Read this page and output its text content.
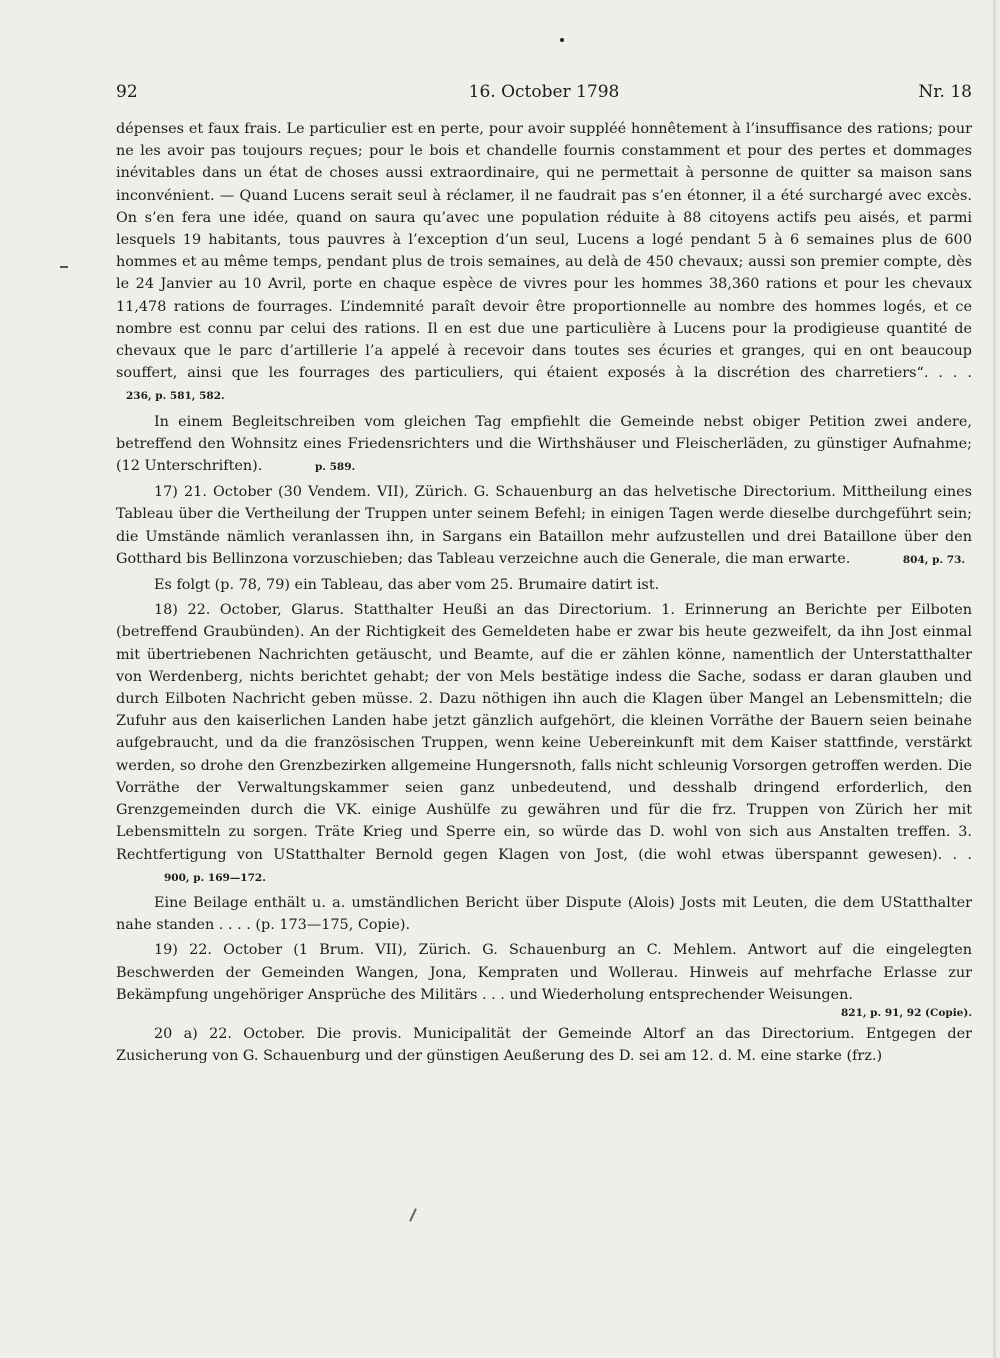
92	16. October 1798	Nr. 18

dépenses et faux frais. Le particulier est en perte, pour avoir suppléé honnêtement à l’insuffisance des rations; pour ne les avoir pas toujours reçues; pour le bois et chandelle fournis constamment et pour des pertes et dommages inévitables dans un état de choses aussi extraordinaire, qui ne permettait à personne de quitter sa maison sans inconvénient. — Quand Lucens serait seul à réclamer, il ne faudrait pas s’en étonner, il a été surchargé avec excès. On s’en fera une idée, quand on saura qu’avec une population réduite à 88 citoyens actifs peu aisés, et parmi lesquels 19 habitants, tous pauvres à l’exception d’un seul, Lucens a logé pendant 5 à 6 semaines plus de 600 hommes et au même temps, pendant plus de trois semaines, au delà de 450 chevaux; aussi son premier compte, dès le 24 Janvier au 10 Avril, porte en chaque espèce de vivres pour les hommes 38,360 rations et pour les chevaux 11,478 rations de fourrages. L’indemnité paraît devoir être proportionnelle au nombre des hommes logés, et ce nombre est connu par celui des rations. Il en est due une particulière à Lucens pour la prodigieuse quantité de chevaux que le parc d’artillerie l’a appelé à recevoir dans toutes ses écuries et granges, qui en ont beaucoup souffert, ainsi que les fourrages des particuliers, qui étaient exposés à la discrétion des charretiers“. . . . 236, p. 581, 582.

In einem Begleitschreiben vom gleichen Tag empfiehlt die Gemeinde nebst obiger Petition zwei andere, betreffend den Wohnsitz eines Friedensrichters und die Wirthshäuser und Fleischerläden, zu günstiger Aufnahme; (12 Unterschriften).	p. 589.

17) 21. October (30 Vendem. VII), Zürich. G. Schauenburg an das helvetische Directorium. Mittheilung eines Tableau über die Vertheilung der Truppen unter seinem Befehl; in einigen Tagen werde dieselbe durchgeführt sein; die Umstände nämlich veranlassen ihn, in Sargans ein Bataillon mehr aufzustellen und drei Bataillone über den Gotthard bis Bellinzona vorzuschieben; das Tableau verzeichne auch die Generale, die man erwarte.	804, p. 73.

Es folgt (p. 78, 79) ein Tableau, das aber vom 25. Brumaire datirt ist.

18) 22. October, Glarus. Statthalter Heußi an das Directorium. 1. Erinnerung an Berichte per Eilboten (betreffend Graubünden). An der Richtigkeit des Gemeldeten habe er zwar bis heute gezweifelt, da ihn Jost einmal mit übertriebenen Nachrichten getäuscht, und Beamte, auf die er zählen könne, namentlich der Unterstatthalter von Werdenberg, nichts berichtet gehabt; der von Mels bestätige indess die Sache, sodass er daran glauben und durch Eilboten Nachricht geben müsse. 2. Dazu nöthigen ihn auch die Klagen über Mangel an Lebensmitteln; die Zufuhr aus den kaiserlichen Landen habe jetzt gänzlich aufgehört, die kleinen Vorräthe der Bauern seien beinahe aufgebraucht, und da die französischen Truppen, wenn keine Uebereinkunft mit dem Kaiser stattfinde, verstärkt werden, so drohe den Grenzbezirken allgemeine Hungersnoth, falls nicht schleunig Vorsorgen getroffen werden. Die Vorräthe der Verwaltungskammer seien ganz unbedeutend, und desshalb dringend erforderlich, den Grenzgemeinden durch die VK. einige Aushülfe zu gewähren und für die frz. Truppen von Zürich her mit Lebensmitteln zu sorgen. Träte Krieg und Sperre ein, so würde das D. wohl von sich aus Anstalten treffen. 3. Rechtfertigung von UStatthalter Bernold gegen Klagen von Jost, (die wohl etwas überspannt gewesen). . . 900, p. 169—172.

Eine Beilage enthält u. a. umständlichen Bericht über Dispute (Alois) Josts mit Leuten, die dem UStatthalter nahe standen . . . . (p. 173—175, Copie).

19) 22. October (1 Brum. VII), Zürich. G. Schauenburg an C. Mehlem. Antwort auf die eingelegten Beschwerden der Gemeinden Wangen, Jona, Kempraten und Wollerau. Hinweis auf mehrfache Erlasse zur Bekämpfung ungehöriger Ansprüche des Militärs . . . und Wiederholung entsprechender Weisungen.

821, p. 91, 92 (Copie).

20 a) 22. October. Die provis. Municipalität der Gemeinde Altorf an das Directorium. Entgegen der Zusicherung von G. Schauenburg und der günstigen Aeußerung des D. sei am 12. d. M. eine starke (frz.)
